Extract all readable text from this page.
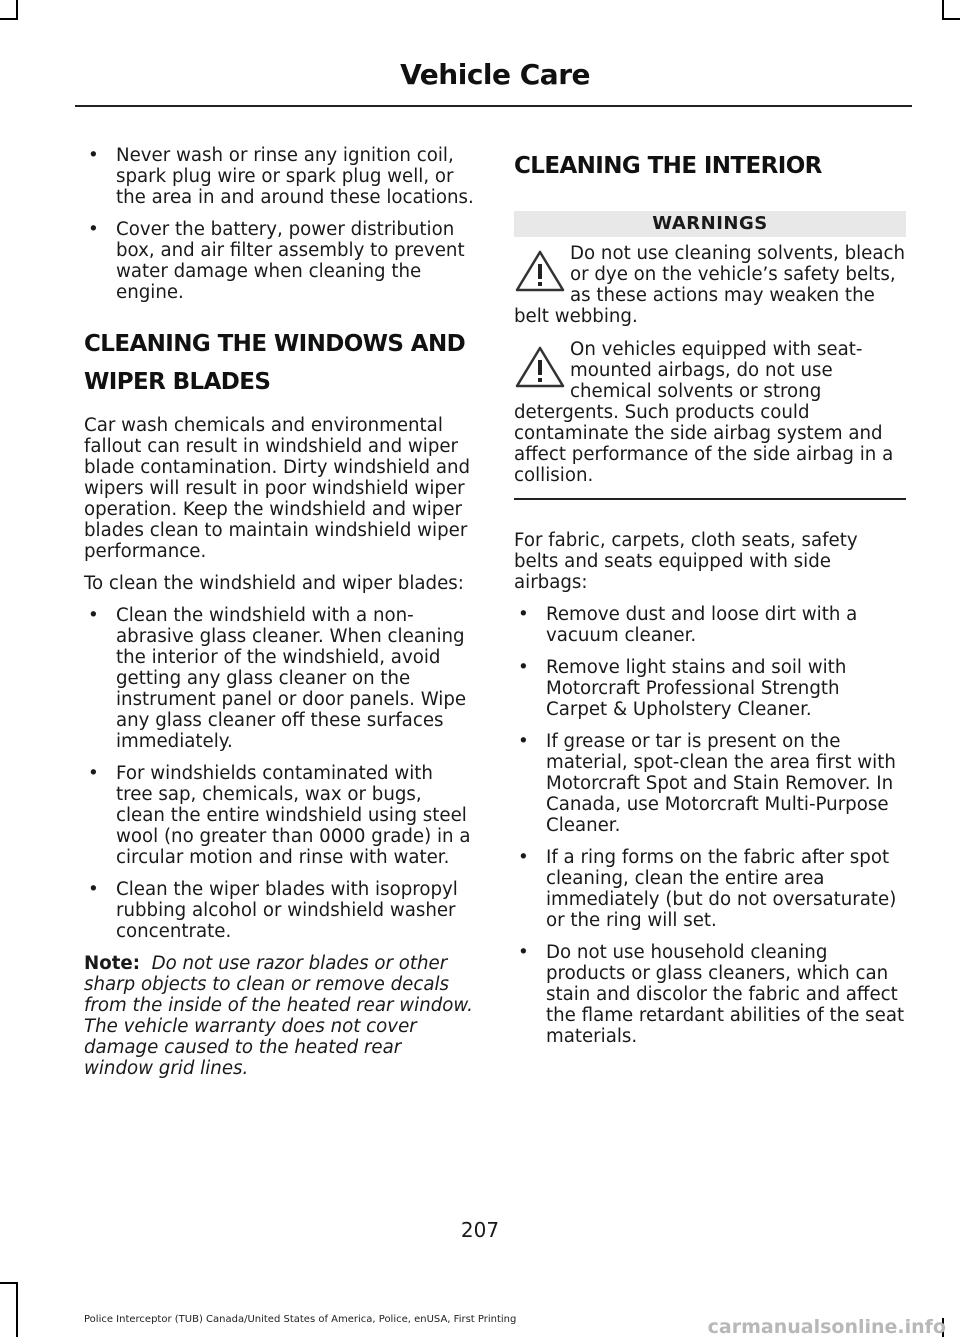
Vehicle Care
• Never wash or rinse any ignition coil, spark plug wire or spark plug well, or the area in and around these locations.
• Cover the battery, power distribution box, and air filter assembly to prevent water damage when cleaning the engine.
CLEANING THE WINDOWS AND
WIPER BLADES

Car wash chemicals and environmental fallout can result in windshield and wiper blade contamination. Dirty windshield and wipers will result in poor windshield wiper operation. Keep the windshield and wiper blades clean to maintain windshield wiper performance.

To clean the windshield and wiper blades:

• Clean the windshield with a non-abrasive glass cleaner. When cleaning the interior of the windshield, avoid getting any glass cleaner on the instrument panel or door panels. Wipe any glass cleaner off these surfaces immediately.
• For windshields contaminated with tree sap, chemicals, wax or bugs, clean the entire windshield using steel wool (no greater than 0000 grade) in a circular motion and rinse with water.
• Clean the wiper blades with isopropyl rubbing alcohol or windshield washer concentrate.

Note: Do not use razor blades or other sharp objects to clean or remove decals from the inside of the heated rear window. The vehicle warranty does not cover damage caused to the heated rear window grid lines.

CLEANING THE INTERIOR
WARNINGS
Do not use cleaning solvents, bleach or dye on the vehicle’s safety belts, as these actions may weaken the belt webbing.
On vehicles equipped with seat-mounted airbags, do not use chemical solvents or strong detergents. Such products could contaminate the side airbag system and affect performance of the side airbag in a collision.

For fabric, carpets, cloth seats, safety belts and seats equipped with side airbags:

• Remove dust and loose dirt with a vacuum cleaner.
• Remove light stains and soil with Motorcraft Professional Strength Carpet & Upholstery Cleaner.
• If grease or tar is present on the material, spot-clean the area first with Motorcraft Spot and Stain Remover. In Canada, use Motorcraft Multi-Purpose Cleaner.
• If a ring forms on the fabric after spot cleaning, clean the entire area immediately (but do not oversaturate) or the ring will set.
• Do not use household cleaning products or glass cleaners, which can stain and discolor the fabric and affect the flame retardant abilities of the seat materials.
207
Police Interceptor (TUB) Canada/United States of America, Police, enUSA, First Printing	carmanualsonline.info
